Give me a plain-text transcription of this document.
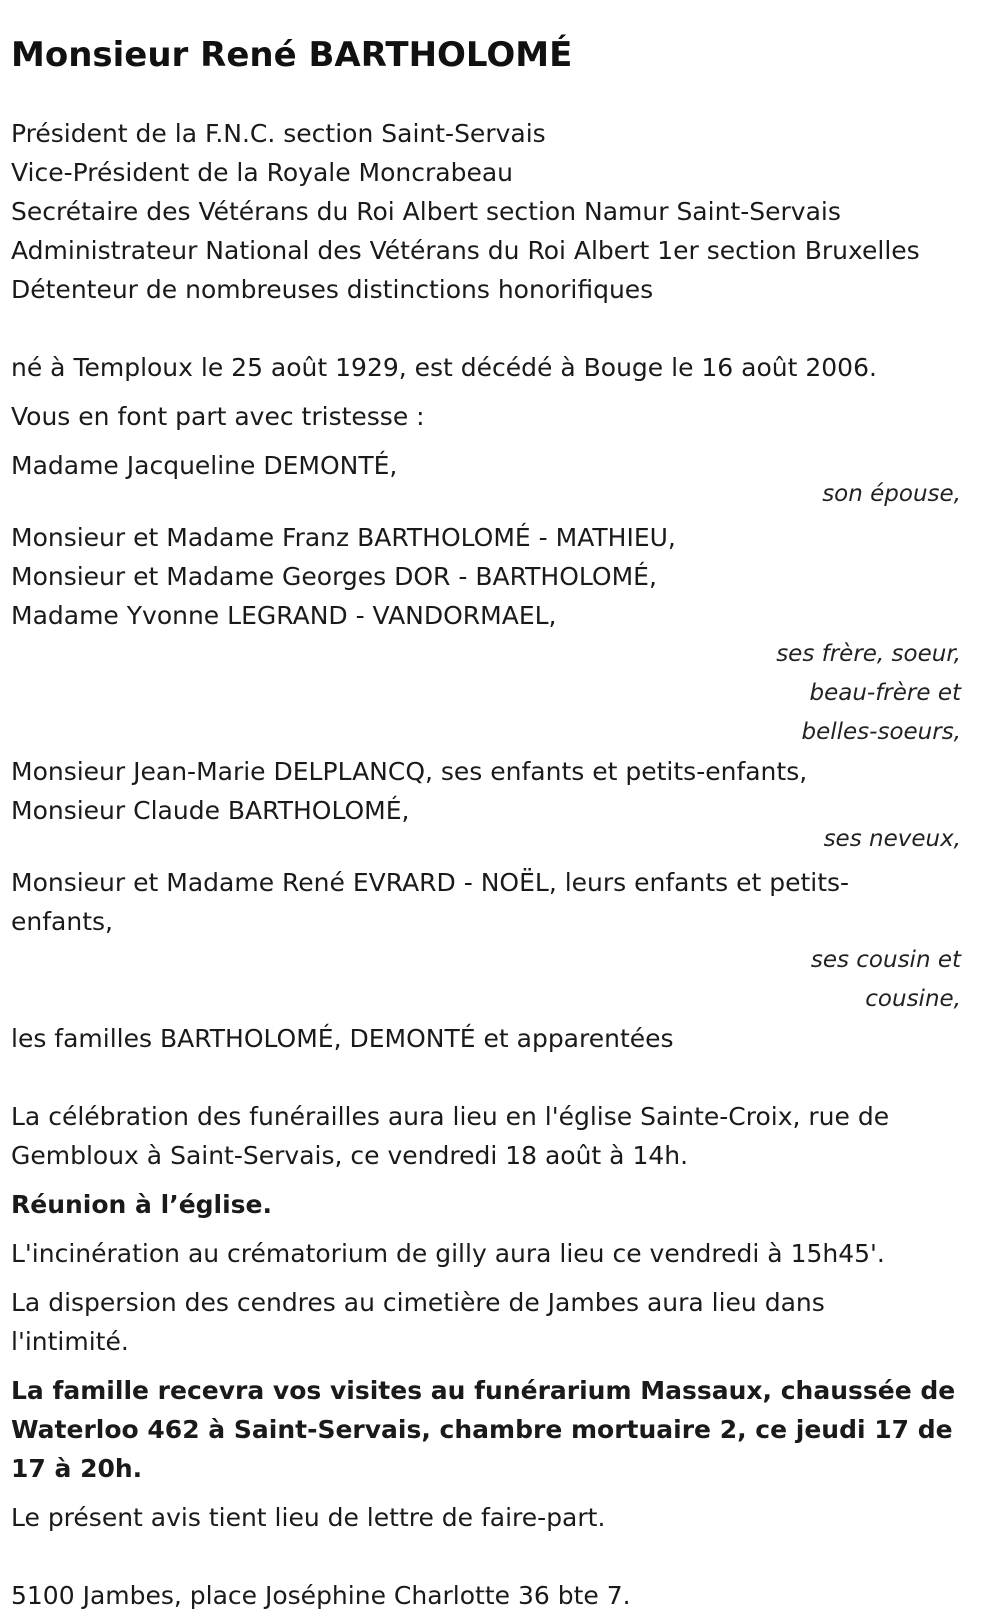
Monsieur René BARTHOLOMÉ

Président de la F.N.C. section Saint-Servais

Vice-Président de la Royale Moncrabeau

Secrétaire des Vétérans du Roi Albert section Namur Saint-Servais

Administrateur National des Vétérans du Roi Albert 1er section Bruxelles

Détenteur de nombreuses distinctions honorifiques

né à Temploux le 25 août 1929, est décédé à Bouge le 16 août 2006.

Vous en font part avec tristesse :

Madame Jacqueline DEMONTÉ,

son épouse,

Monsieur et Madame Franz BARTHOLOMÉ - MATHIEU,

Monsieur et Madame Georges DOR - BARTHOLOMÉ,

Madame Yvonne LEGRAND - VANDORMAEL,

ses frère, soeur,

beau-frère et

belles-soeurs,

Monsieur Jean-Marie DELPLANCQ, ses enfants et petits-enfants,

Monsieur Claude BARTHOLOMÉ,

ses neveux,

Monsieur et Madame René EVRARD - NOËL, leurs enfants et petits-enfants,

ses cousin et

cousine,

les familles BARTHOLOMÉ, DEMONTÉ et apparentées

La célébration des funérailles aura lieu en l'église Sainte-Croix, rue de Gembloux à Saint-Servais, ce vendredi 18 août à 14h.

Réunion à l’église.

L'incinération au crématorium de gilly aura lieu ce vendredi à 15h45'.

La dispersion des cendres au cimetière de Jambes aura lieu dans l'intimité.

La famille recevra vos visites au funérarium Massaux, chaussée de Waterloo 462 à Saint-Servais, chambre mortuaire 2, ce jeudi 17 de 17 à 20h.

Le présent avis tient lieu de lettre de faire-part.

5100 Jambes, place Joséphine Charlotte 36 bte 7.
